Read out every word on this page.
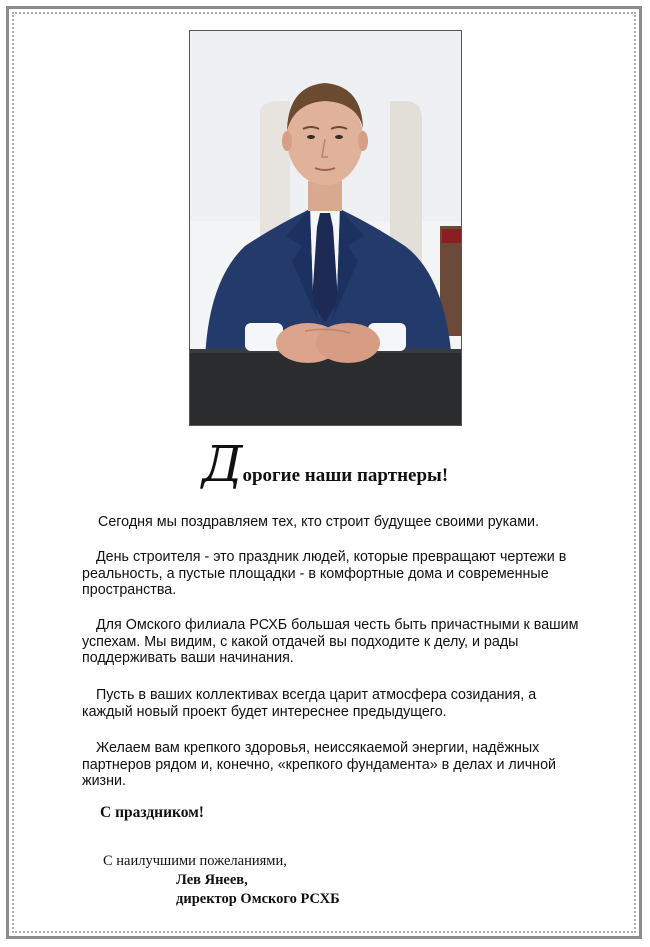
Дорогие наши партнеры!

Сегодня мы поздравляем тех, кто строит будущее своими руками.

День строителя - это праздник людей, которые превращают чертежи в реальность, а пустые площадки - в комфортные дома и современные пространства.

Для Омского филиала РСХБ большая честь быть причастными к вашим успехам. Мы видим, с какой отдачей вы подходите к делу, и рады поддерживать ваши начинания.

Пусть в ваших коллективах всегда царит атмосфера созидания, а каждый новый проект будет интереснее предыдущего.

Желаем вам крепкого здоровья, неиссякаемой энергии, надёжных партнеров рядом и, конечно, «крепкого фундамента» в делах и личной жизни.

С праздником!
С наилучшими пожеланиями,
Лев Янеев,
директор Омского РСХБ
